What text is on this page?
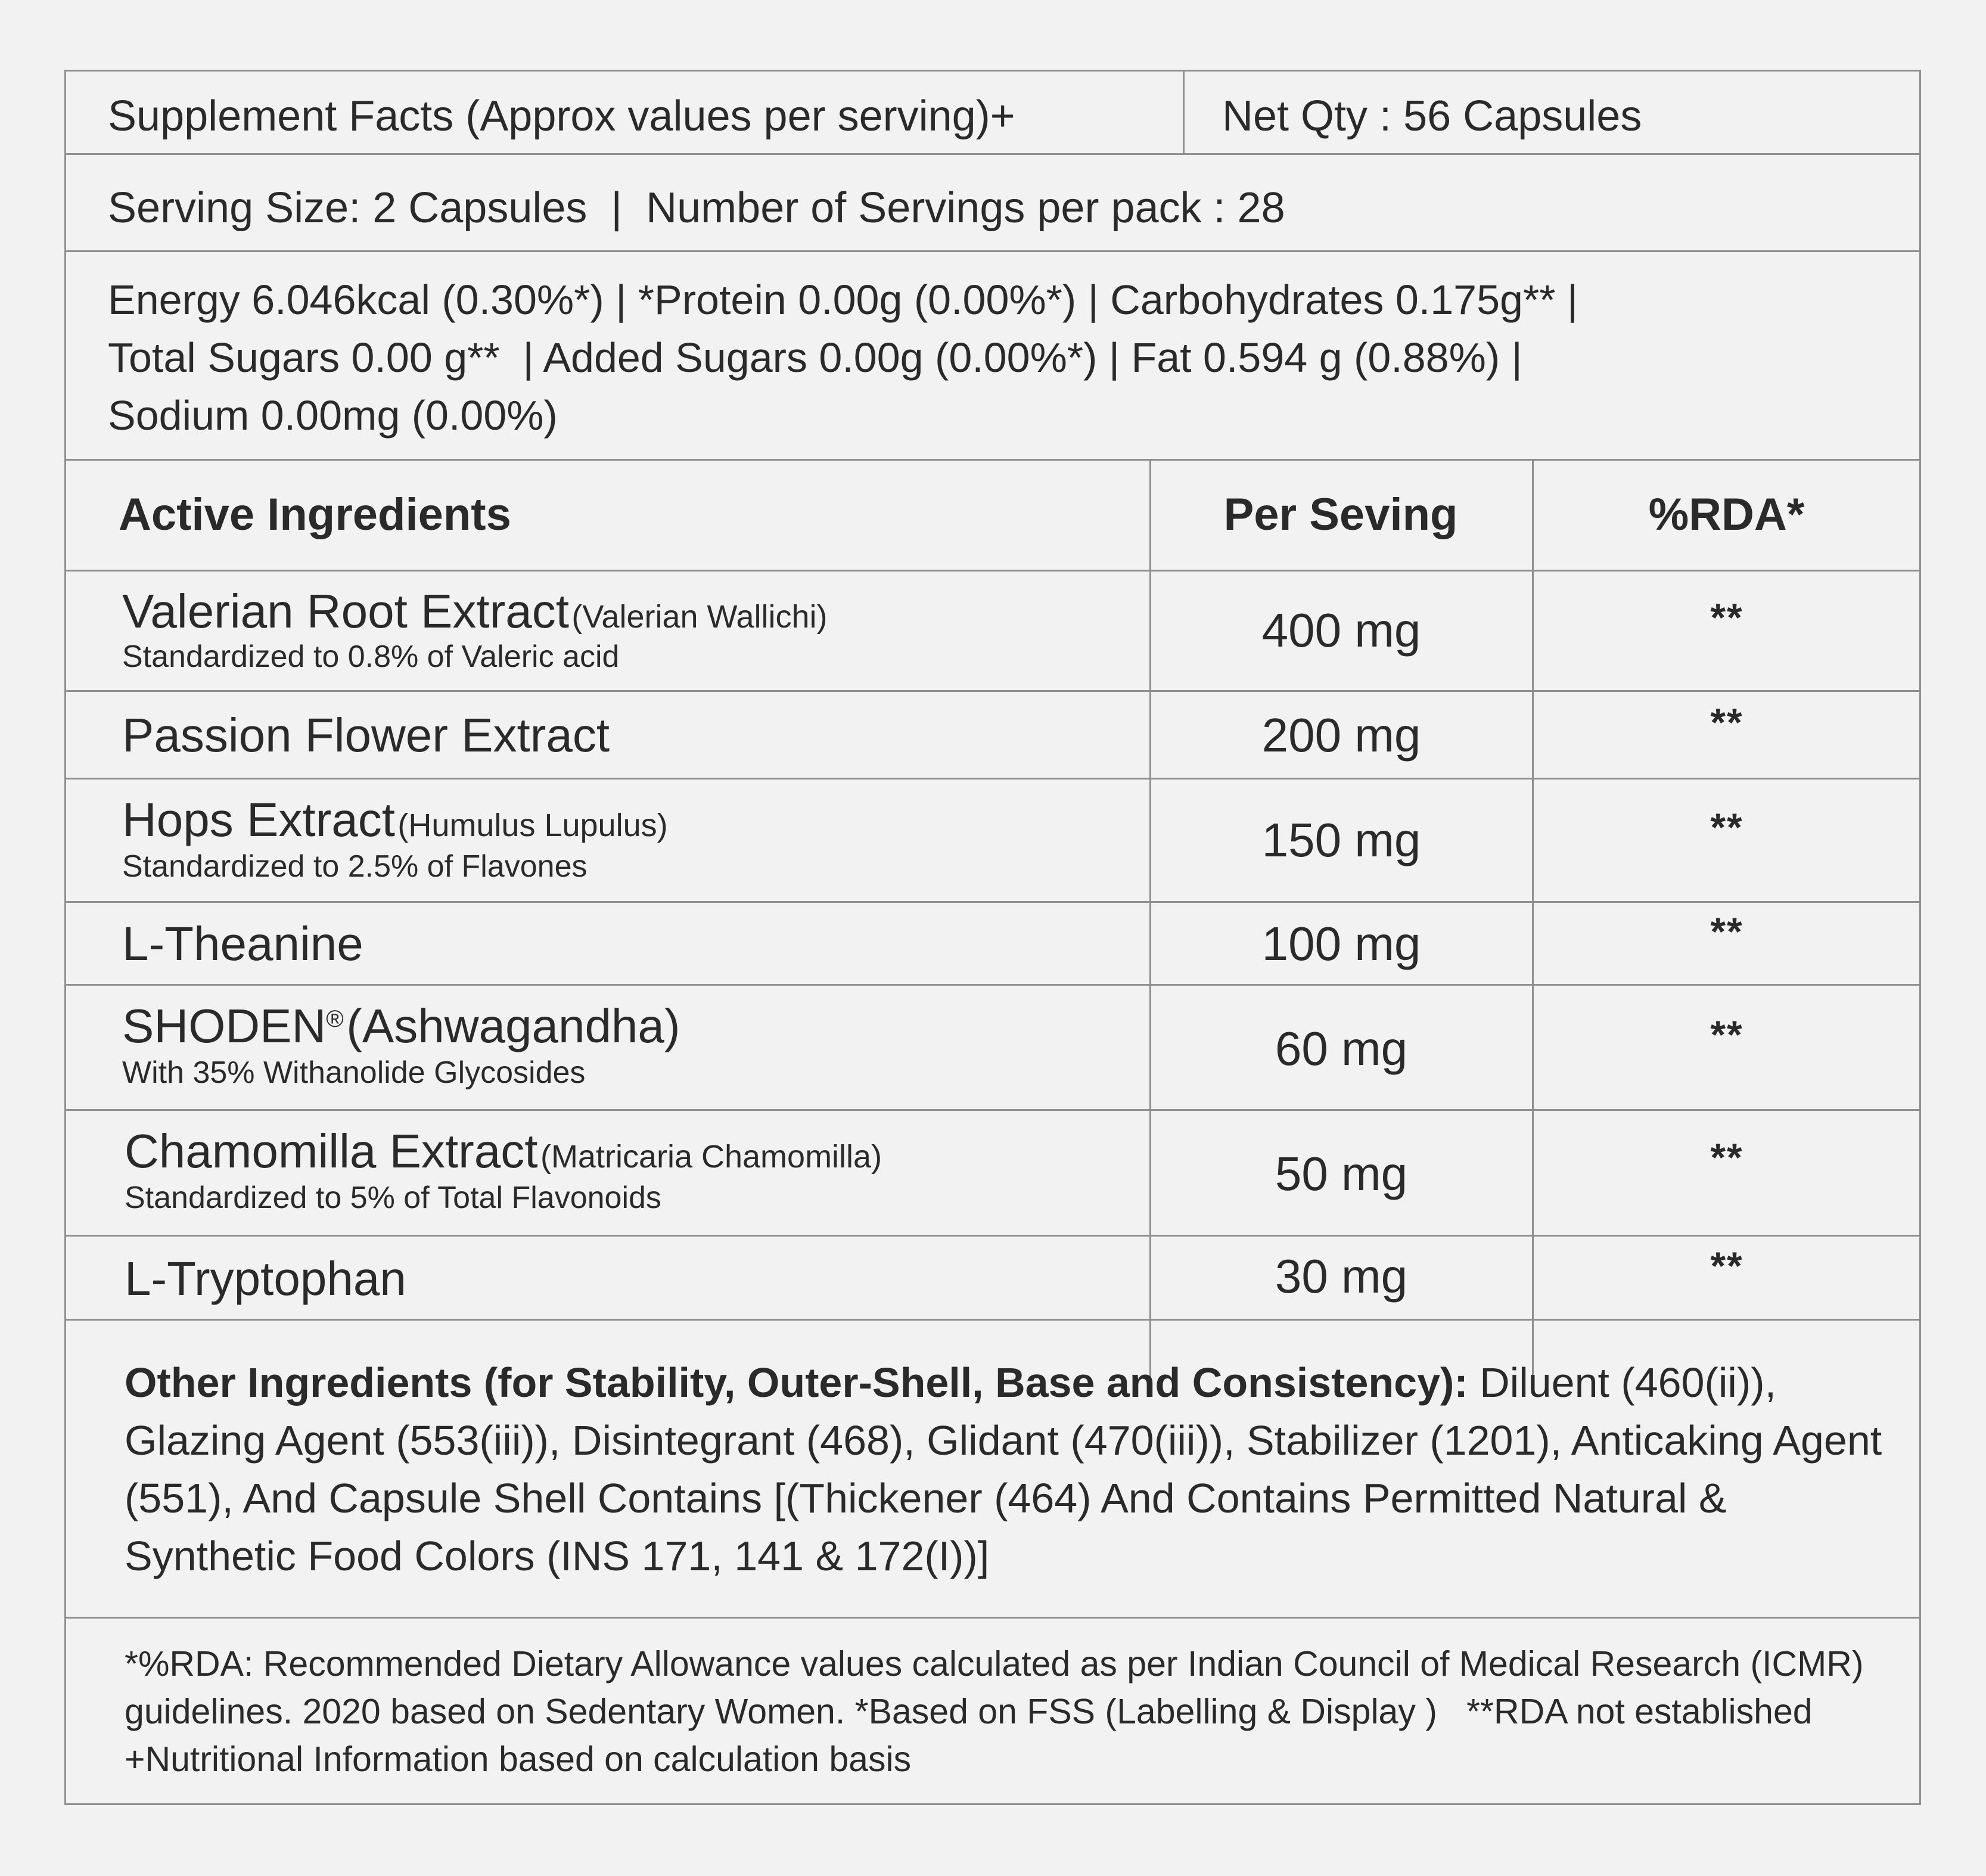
Supplement Facts (Approx values per serving)+	Net Qty : 56 Capsules
Serving Size: 2 Capsules  |  Number of Servings per pack : 28
Energy 6.046kcal (0.30%*) | *Protein 0.00g (0.00%*) | Carbohydrates 0.175g** |
Total Sugars 0.00 g**  | Added Sugars 0.00g (0.00%*) | Fat 0.594 g (0.88%) |
Sodium 0.00mg (0.00%)
Active Ingredients	Per Seving	%RDA*
Valerian Root Extract (Valerian Wallichi)
Standardized to 0.8% of Valeric acid	400 mg	**
Passion Flower Extract	200 mg	**
Hops Extract (Humulus Lupulus)
Standardized to 2.5% of Flavones	150 mg	**
L-Theanine	100 mg	**
SHODEN® (Ashwagandha)
With 35% Withanolide Glycosides	60 mg	**
Chamomilla Extract (Matricaria Chamomilla)
Standardized to 5% of Total Flavonoids	50 mg	**
L-Tryptophan	30 mg	**
Other Ingredients (for Stability, Outer-Shell, Base and Consistency): Diluent (460(ii)), Glazing Agent (553(iii)), Disintegrant (468), Glidant (470(iii)), Stabilizer (1201), Anticaking Agent (551), And Capsule Shell Contains [(Thickener (464) And Contains Permitted Natural & Synthetic Food Colors (INS 171, 141 & 172(I))]
*%RDA: Recommended Dietary Allowance values calculated as per Indian Council of Medical Research (ICMR) guidelines. 2020 based on Sedentary Women. *Based on FSS (Labelling & Display )   **RDA not established  +Nutritional Information based on calculation basis
